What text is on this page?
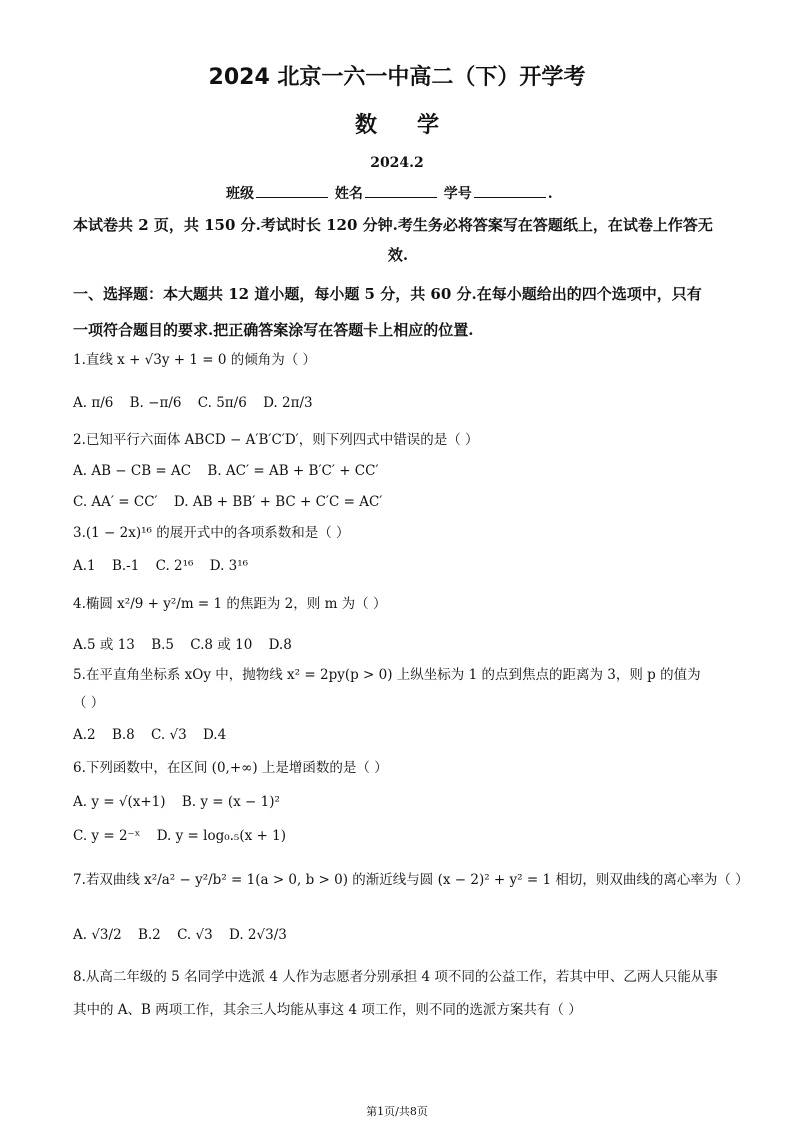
2024 北京一六一中高二（下）开学考
数学
2024.2
班级	姓名	学号	.
本试卷共 2 页，共 150 分.考试时长 120 分钟.考生务必将答案写在答题纸上，在试卷上作答无
效.
一、选择题：本大题共 12 道小题，每小题 5 分，共 60 分.在每小题给出的四个选项中，只有
一项符合题目的要求.把正确答案涂写在答题卡上相应的位置.
1.直线 x + √3y + 1 = 0 的倾角为（ ）
A. π/6 B. −π/6 C. 5π/6 D. 2π/3
2.已知平行六面体 ABCD − A′B′C′D′，则下列四式中错误的是（ ）
A. AB − CB = AC B. AC′ = AB + B′C′ + CC′
C. AA′ = CC′ D. AB + BB′ + BC + C′C = AC′
3.(1 − 2x)¹⁶ 的展开式中的各项系数和是（ ）
A.1 B.-1 C. 2¹⁶ D. 3¹⁶
4.椭圆 x²/9 + y²/m = 1 的焦距为 2，则 m 为（ ）
A.5 或 13 B.5 C.8 或 10 D.8
5.在平直角坐标系 xOy 中，抛物线 x² = 2py(p > 0) 上纵坐标为 1 的点到焦点的距离为 3，则 p 的值为
（ ）
A.2 B.8 C. √3 D.4
6.下列函数中，在区间 (0,+∞) 上是增函数的是（ ）
A. y = √(x+1) B. y = (x − 1)²
C. y = 2⁻ˣ D. y = log₀.₅(x + 1)
7.若双曲线 x²/a² − y²/b² = 1(a > 0, b > 0) 的渐近线与圆 (x − 2)² + y² = 1 相切，则双曲线的离心率为（ ）
A. √3/2 B.2 C. √3 D. 2√3/3
8.从高二年级的 5 名同学中选派 4 人作为志愿者分别承担 4 项不同的公益工作，若其中甲、乙两人只能从事
其中的 A、B 两项工作，其余三人均能从事这 4 项工作，则不同的选派方案共有（ ）
第1页/共8页
